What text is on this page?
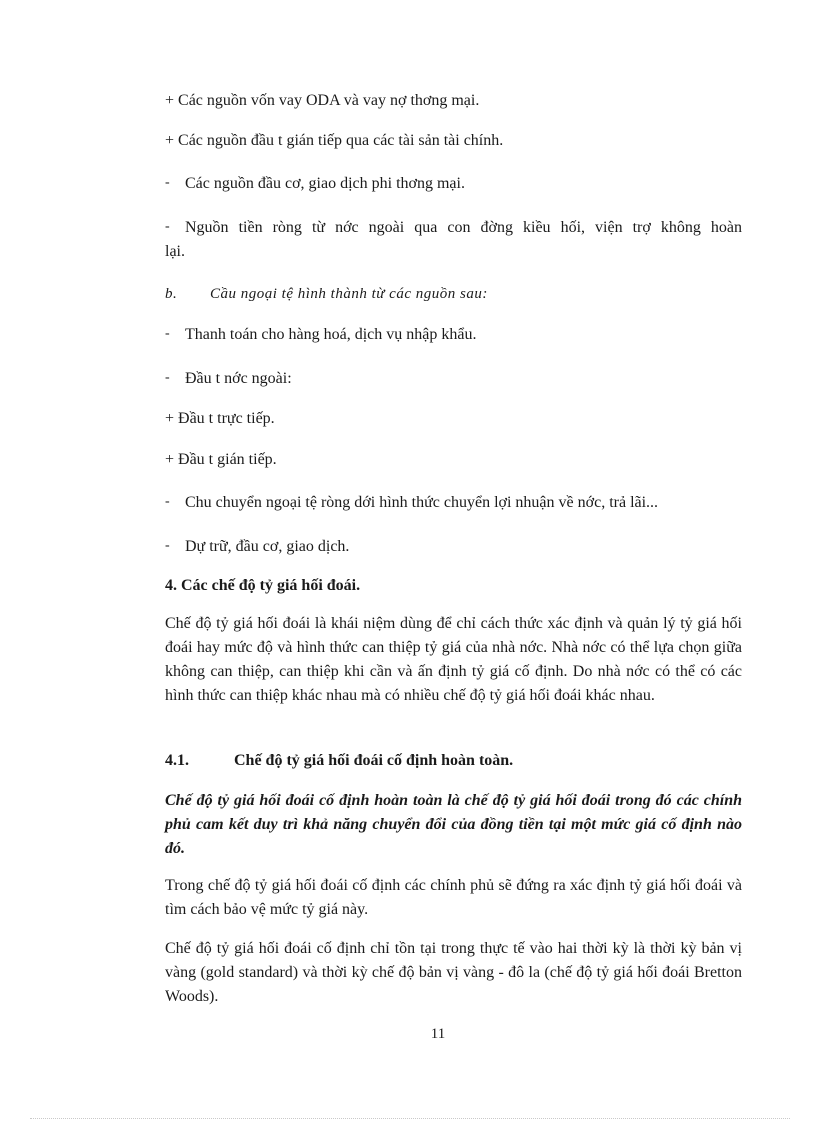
+ Các nguồn vốn vay ODA và vay nợ thơng mại.
+ Các nguồn đầu t gián tiếp qua các tài sản tài chính.
- Các nguồn đầu cơ, giao dịch phi thơng mại.
- Nguồn tiền ròng từ nớc ngoài qua con đờng kiều hối, viện trợ không hoàn
lại.
b. Cầu ngoại tệ hình thành từ các nguồn sau:
- Thanh toán cho hàng hoá, dịch vụ nhập khẩu.
- Đầu t nớc ngoài:
+ Đầu t trực tiếp.
+ Đầu t gián tiếp.
- Chu chuyển ngoại tệ ròng dới hình thức chuyển lợi nhuận về nớc, trả lãi...
- Dự trữ, đầu cơ, giao dịch.
4. Các chế độ tỷ giá hối đoái.
Chế độ tỷ giá hối đoái là khái niệm dùng để chỉ cách thức xác định và quản lý tỷ giá hối đoái hay mức độ và hình thức can thiệp tỷ giá của nhà nớc. Nhà nớc có thể lựa chọn giữa không can thiệp, can thiệp khi cần và ấn định tỷ giá cố định. Do nhà nớc có thể có các hình thức can thiệp khác nhau mà có nhiều chế độ tỷ giá hối đoái khác nhau.
4.1.	Chế độ tỷ giá hối đoái cố định hoàn toàn.
Chế độ tỷ giá hối đoái cố định hoàn toàn là chế độ tỷ giá hối đoái trong đó các chính phủ cam kết duy trì khả năng chuyển đổi của đồng tiền tại một mức giá cố định nào đó.
Trong chế độ tỷ giá hối đoái cố định các chính phủ sẽ đứng ra xác định tỷ giá hối đoái và tìm cách bảo vệ mức tỷ giá này.
Chế độ tỷ giá hối đoái cố định chỉ tồn tại trong thực tế vào hai thời kỳ là thời kỳ bản vị vàng (gold standard) và thời kỳ chế độ bản vị vàng - đô la (chế độ tỷ giá hối đoái Bretton Woods).
11
